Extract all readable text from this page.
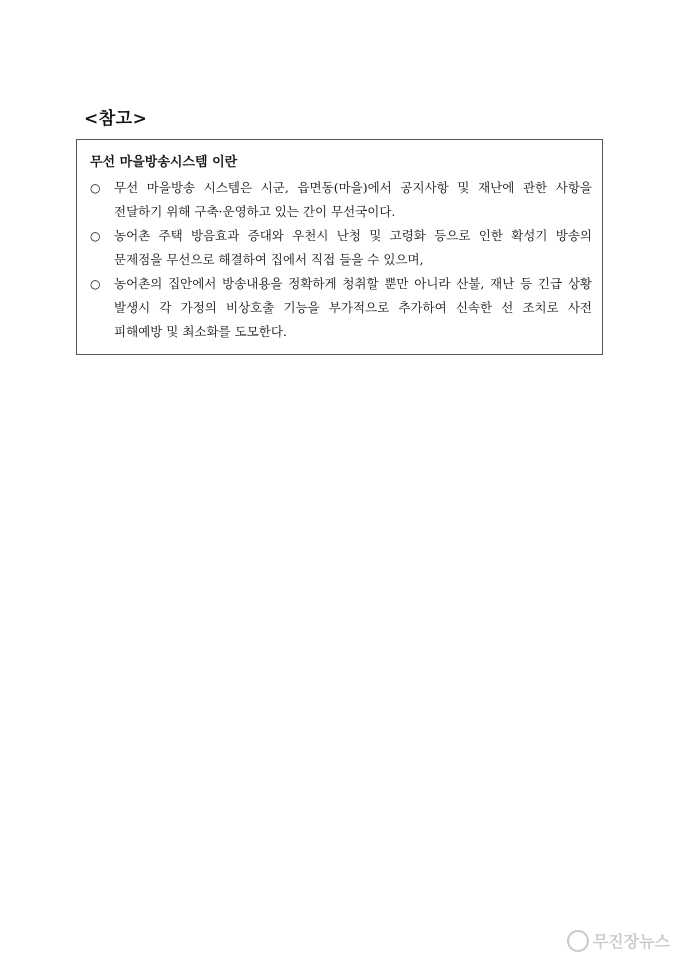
<참고>
무선 마을방송시스템 이란
○	무선 마을방송 시스템은 시군, 읍면동(마을)에서 공지사항 및 재난에 관한 사항을 전달하기 위해 구축·운영하고 있는 간이 무선국이다.
○	농어촌 주택 방음효과 증대와 우천시 난청 및 고령화 등으로 인한 확성기 방송의 문제점을 무선으로 해결하여 집에서 직접 들을 수 있으며,
○	농어촌의 집안에서 방송내용을 정확하게 청취할 뿐만 아니라 산불, 재난 등 긴급 상황 발생시 각 가정의 비상호출 기능을 부가적으로 추가하여 신속한 선 조치로 사전 피해예방 및 최소화를 도모한다.
무진장뉴스
